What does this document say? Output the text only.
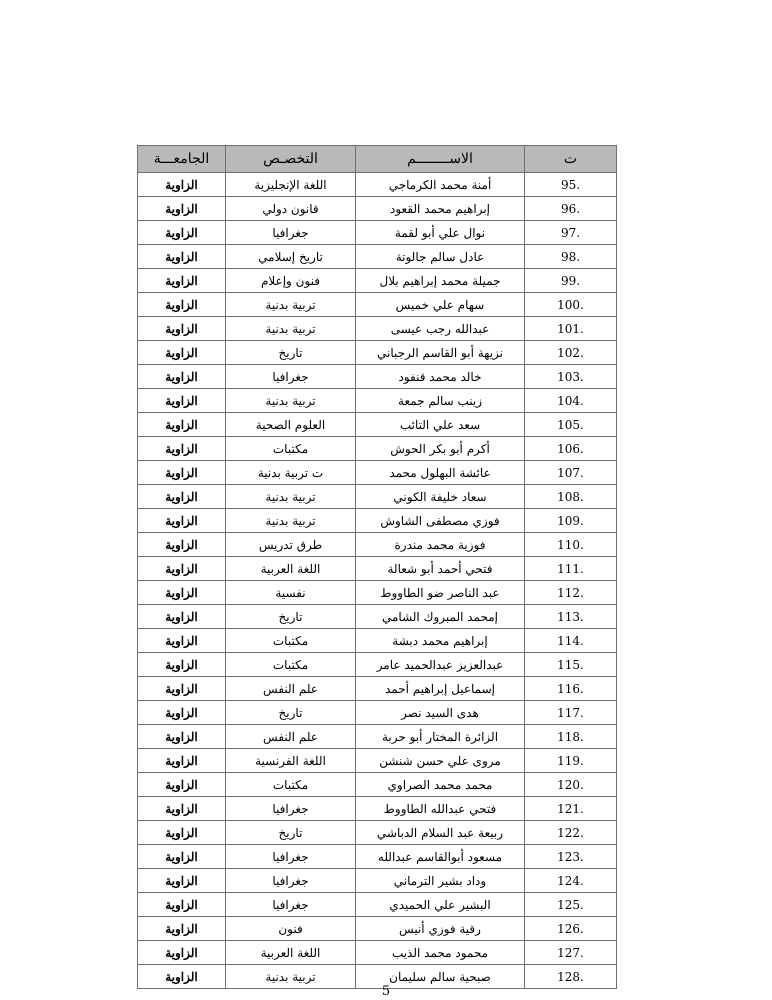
الجامعـــة	التخصـص	الاســــــــم	ت
الزاوية	اللغة الإنجليزية	أمنة محمد الكرماجي	95.
الزاوية	قانون دولي	إبراهيم محمد القعود	96.
الزاوية	جغرافيا	نوال علي أبو لقمة	97.
الزاوية	تاريخ إسلامي	عادل سالم جالوتة	98.
الزاوية	فنون وإعلام	جميلة محمد إبراهيم بلال	99.
الزاوية	تربية بدنية	سهام علي خميس	100.
الزاوية	تربية بدنية	عبدالله رجب عيسى	101.
الزاوية	تاريخ	نزيهة أبو القاسم الرجباني	102.
الزاوية	جغرافيا	خالد محمد قنفود	103.
الزاوية	تربية بدنية	زينب سالم جمعة	104.
الزاوية	العلوم الصحية	سعد علي التائب	105.
الزاوية	مكتبات	أكرم أبو بكر الحوش	106.
الزاوية	ت تربية بدنية	عائشة البهلول محمد	107.
الزاوية	تربية بدنية	سعاد خليفة الكوني	108.
الزاوية	تربية بدنية	فوزي مصطفى الشاوش	109.
الزاوية	طرق تدريس	فوزية محمد مندرة	110.
الزاوية	اللغة العربية	فتحي أحمد أبو شعالة	111.
الزاوية	نفسية	عبد الناصر ضو الطاووط	112.
الزاوية	تاريخ	إمحمد المبروك الشامي	113.
الزاوية	مكتبات	إبراهيم محمد دبشة	114.
الزاوية	مكتبات	عبدالعزيز عبدالحميد عامر	115.
الزاوية	علم النفس	إسماعيل إبراهيم أحمد	116.
الزاوية	تاريخ	هدى السيد نصر	117.
الزاوية	علم النفس	الزائرة المختار أبو حربة	118.
الزاوية	اللغة الفرنسية	مروى علي حسن شنشن	119.
الزاوية	مكتبات	محمد محمد الصراوي	120.
الزاوية	جغرافيا	فتحي عبدالله الطاووط	121.
الزاوية	تاريخ	ربيعة عبد السلام الدباشي	122.
الزاوية	جغرافيا	مسعود أبوالقاسم عبدالله	123.
الزاوية	جغرافيا	وداد بشير الترماني	124.
الزاوية	جغرافيا	البشير علي الحميدي	125.
الزاوية	فنون	رقية فوزي أنيس	126.
الزاوية	اللغة العربية	محمود محمد الذيب	127.
الزاوية	تربية بدنية	صبحية سالم سليمان	128.
5
